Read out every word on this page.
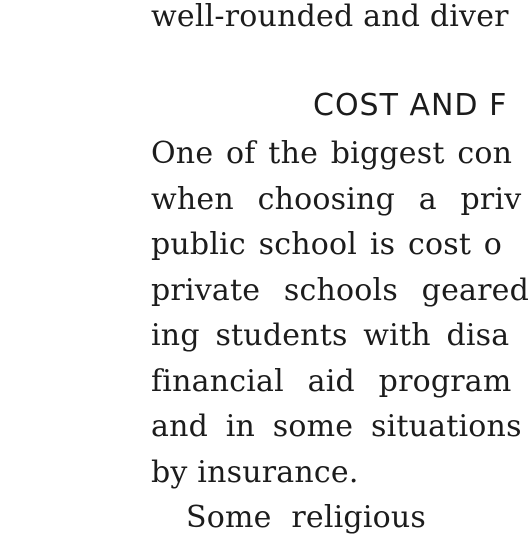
well-rounded and diver
COST AND F
One of the biggest con
when choosing a priv
public school is cost o
private schools geared
ing students with disa
financial aid program
and in some situations
by insurance.
Some religious
